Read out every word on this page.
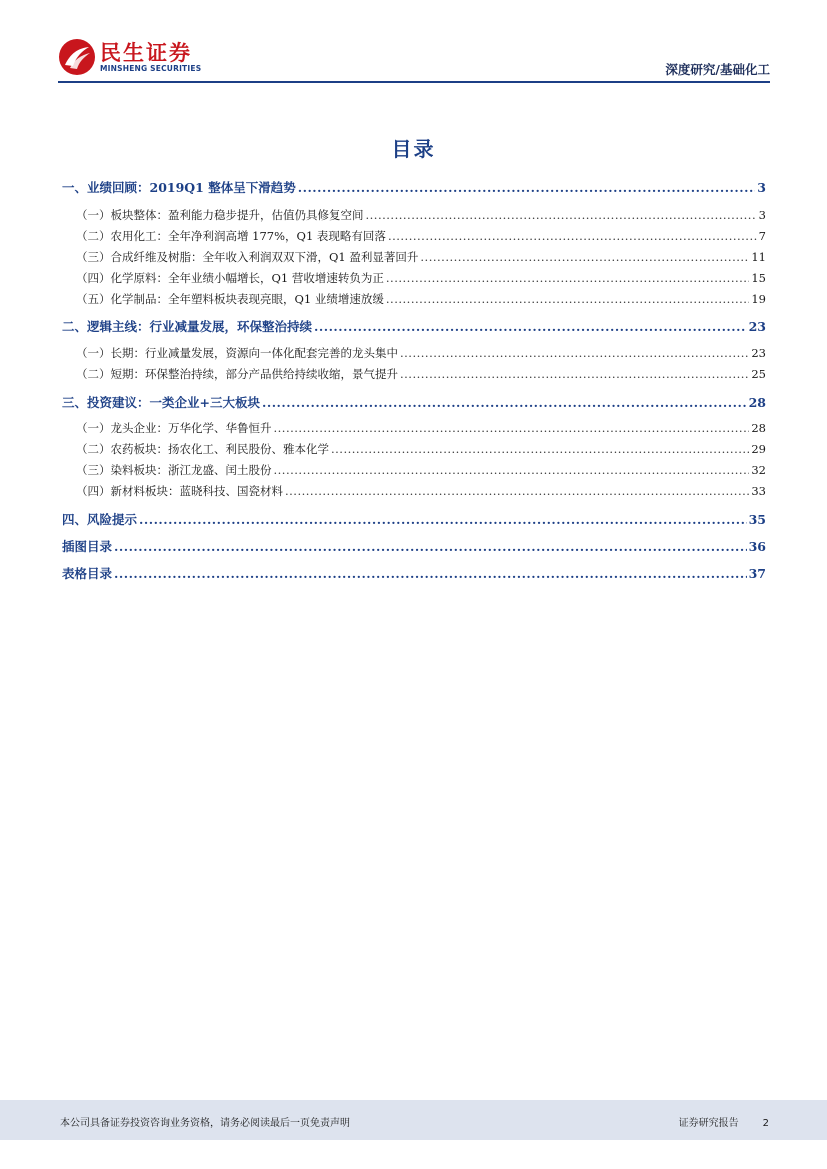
民生证券
MINSHENG SECURITIES	深度研究/基础化工
目录
一、业绩回顾：2019Q1 整体呈下滑趋势 .....	3
（一）板块整体：盈利能力稳步提升，估值仍具修复空间 .....	3
（二）农用化工：全年净利润高增 177%，Q1 表现略有回落 .....	7
（三）合成纤维及树脂：全年收入利润双双下滑，Q1 盈利显著回升 .....	11
（四）化学原料：全年业绩小幅增长，Q1 营收增速转负为正 .....	15
（五）化学制品：全年塑料板块表现亮眼，Q1 业绩增速放缓 .....	19
二、逻辑主线：行业减量发展，环保整治持续 .....	23
（一）长期：行业减量发展，资源向一体化配套完善的龙头集中 .....	23
（二）短期：环保整治持续，部分产品供给持续收缩，景气提升 .....	25
三、投资建议：一类企业+三大板块 .....	28
（一）龙头企业：万华化学、华鲁恒升 .....	28
（二）农药板块：扬农化工、利民股份、雅本化学 .....	29
（三）染料板块：浙江龙盛、闰土股份 .....	32
（四）新材料板块：蓝晓科技、国瓷材料 .....	33
四、风险提示 .....	35
插图目录 .....	36
表格目录 .....	37
本公司具备证券投资咨询业务资格，请务必阅读最后一页免责声明	证券研究报告 2
